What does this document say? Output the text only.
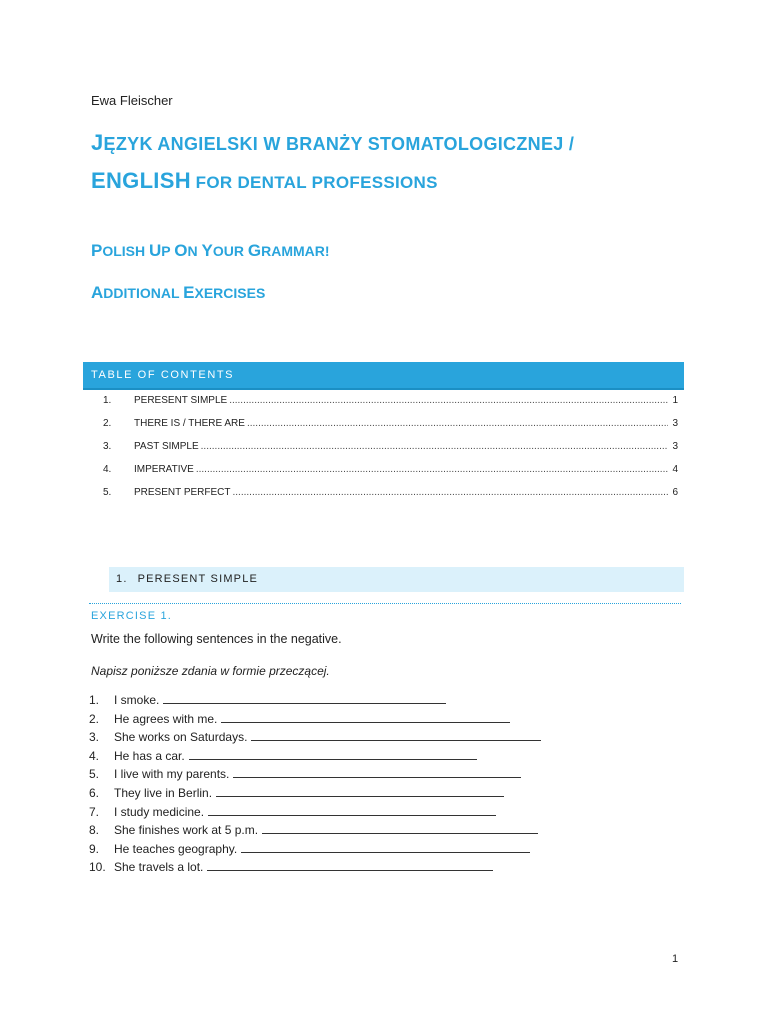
Ewa Fleischer
JĘZYK ANGIELSKI W BRANŻY STOMATOLOGICZNEJ /
ENGLISH FOR DENTAL PROFESSIONS
POLISH UP ON YOUR GRAMMAR!
ADDITIONAL EXERCISES
TABLE OF CONTENTS
1.	PERESENT SIMPLE .....	1
2.	THERE IS / THERE ARE .....	3
3.	PAST SIMPLE .....	3
4.	IMPERATIVE .....	4
5.	PRESENT PERFECT .....	6
1. PERESENT SIMPLE
EXERCISE 1.
Write the following sentences in the negative.
Napisz poniższe zdania w formie przeczącej.
1.	I smoke.
2.	He agrees with me.
3.	She works on Saturdays.
4.	He has a car.
5.	I live with my parents.
6.	They live in Berlin.
7.	I study medicine.
8.	She finishes work at 5 p.m.
9.	He teaches geography.
10. She travels a lot.
1
